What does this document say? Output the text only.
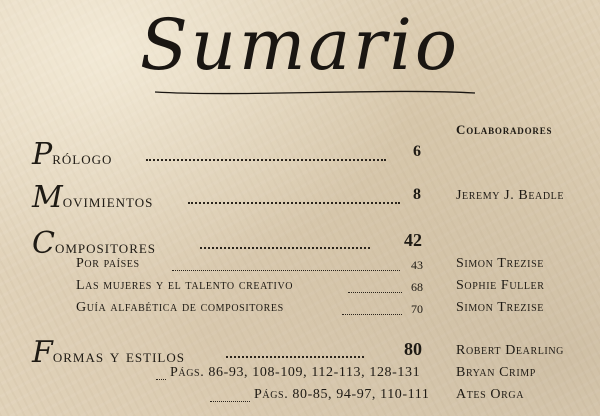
Sumario
Colaboradores
Prólogo	6
Movimientos	8	Jeremy J. Beadle
Compositores	42
Por países	43 Simon Trezise
Las mujeres y el talento creativo	68 Sophie Fuller
Guía alfabética de compositores	70 Simon Trezise
Formas y estilos	80 Robert Dearling
Págs. 86-93, 108-109, 112-113, 128-131	Bryan Crimp
Págs. 80-85, 94-97, 110-111 Ates Orga
